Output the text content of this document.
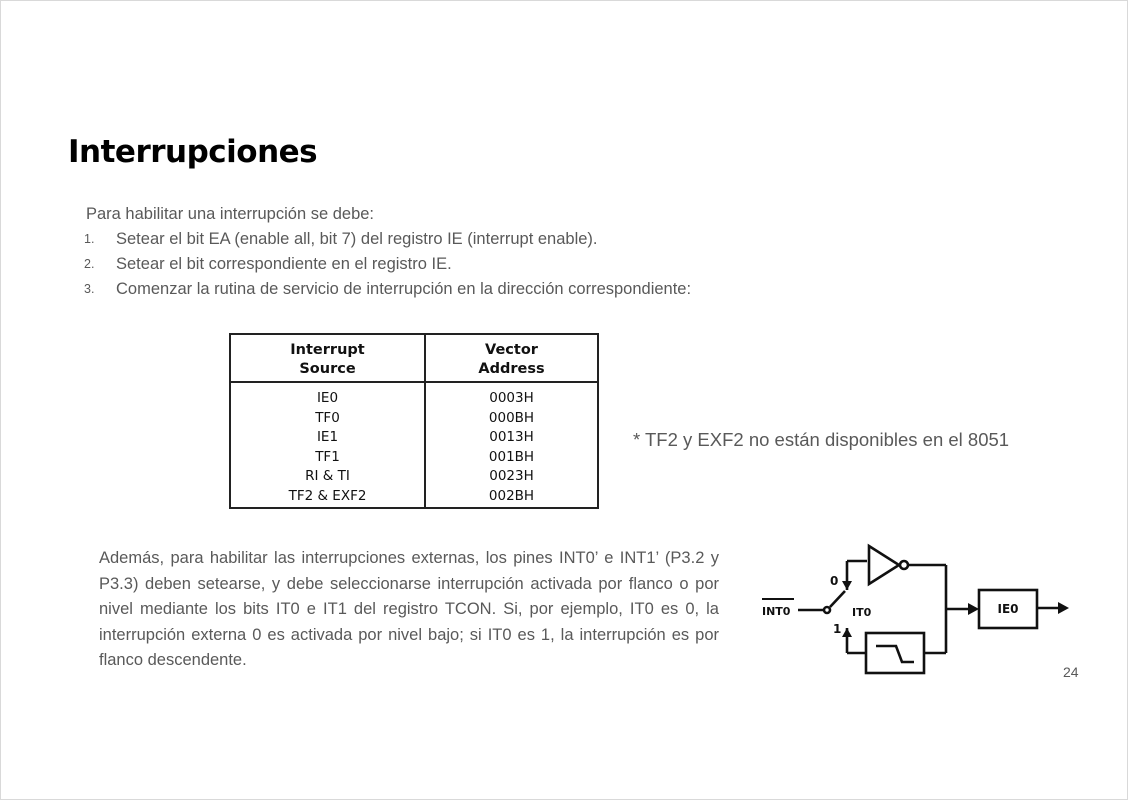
Interrupciones
Para habilitar una interrupción se debe:
1. Setear el bit EA (enable all, bit 7) del registro IE (interrupt enable).
2. Setear el bit correspondiente en el registro IE.
3. Comenzar la rutina de servicio de interrupción en la dirección correspondiente:
Interrupt
Source
IE0
TF0
IE1
TF1
RI & TI
TF2 & EXF2
Vector
Address
0003H
000BH
0013H
001BH
0023H
002BH
* TF2 y EXF2 no están disponibles en el 8051
Además, para habilitar las interrupciones externas, los pines INT0’ e INT1’ (P3.2 y P3.3) deben setearse, y debe seleccionarse interrupción activada por flanco o por nivel mediante los bits IT0 e IT1 del registro TCON. Si, por ejemplo, IT0 es 0, la interrupción externa 0 es activada por nivel bajo; si IT0 es 1, la interrupción es por flanco descendente.
INT0
0
1
IT0	IE0
24
